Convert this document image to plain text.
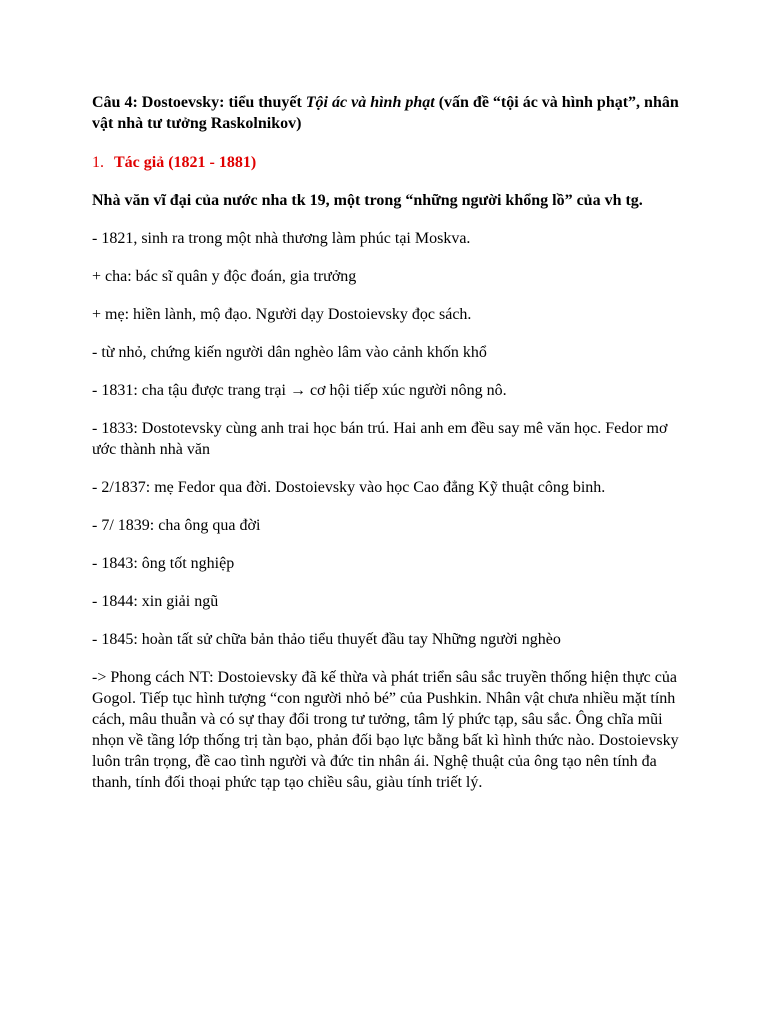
Câu 4: Dostoevsky: tiểu thuyết Tội ác và hình phạt (vấn đề “tội ác và hình phạt”, nhân vật nhà tư tưởng Raskolnikov)

1. Tác giả (1821 - 1881)

Nhà văn vĩ đại của nước nha tk 19, một trong “những người khổng lồ” của vh tg.

- 1821, sinh ra trong một nhà thương làm phúc tại Moskva.

+ cha: bác sĩ quân y độc đoán, gia trưởng

+ mẹ: hiền lành, mộ đạo. Người dạy Dostoievsky đọc sách.

- từ nhỏ, chứng kiến người dân nghèo lâm vào cảnh khốn khổ

- 1831: cha tậu được trang trại → cơ hội tiếp xúc người nông nô.

- 1833: Dostotevsky cùng anh trai học bán trú. Hai anh em đều say mê văn học. Fedor mơ ước thành nhà văn

- 2/1837: mẹ Fedor qua đời. Dostoievsky vào học Cao đẳng Kỹ thuật công binh.

- 7/ 1839: cha ông qua đời

- 1843: ông tốt nghiệp

- 1844: xin giải ngũ

- 1845: hoàn tất sử chữa bản thảo tiểu thuyết đầu tay Những người nghèo

-> Phong cách NT: Dostoievsky đã kế thừa và phát triển sâu sắc truyền thống hiện thực của Gogol. Tiếp tục hình tượng “con người nhỏ bé” của Pushkin. Nhân vật chưa nhiều mặt tính cách, mâu thuẫn và có sự thay đổi trong tư tưởng, tâm lý phức tạp, sâu sắc. Ông chĩa mũi nhọn về tầng lớp thống trị tàn bạo, phản đối bạo lực bằng bất kì hình thức nào. Dostoievsky luôn trân trọng, đề cao tình người và đức tin nhân ái. Nghệ thuật của ông tạo nên tính đa thanh, tính đối thoại phức tạp tạo chiều sâu, giàu tính triết lý.
